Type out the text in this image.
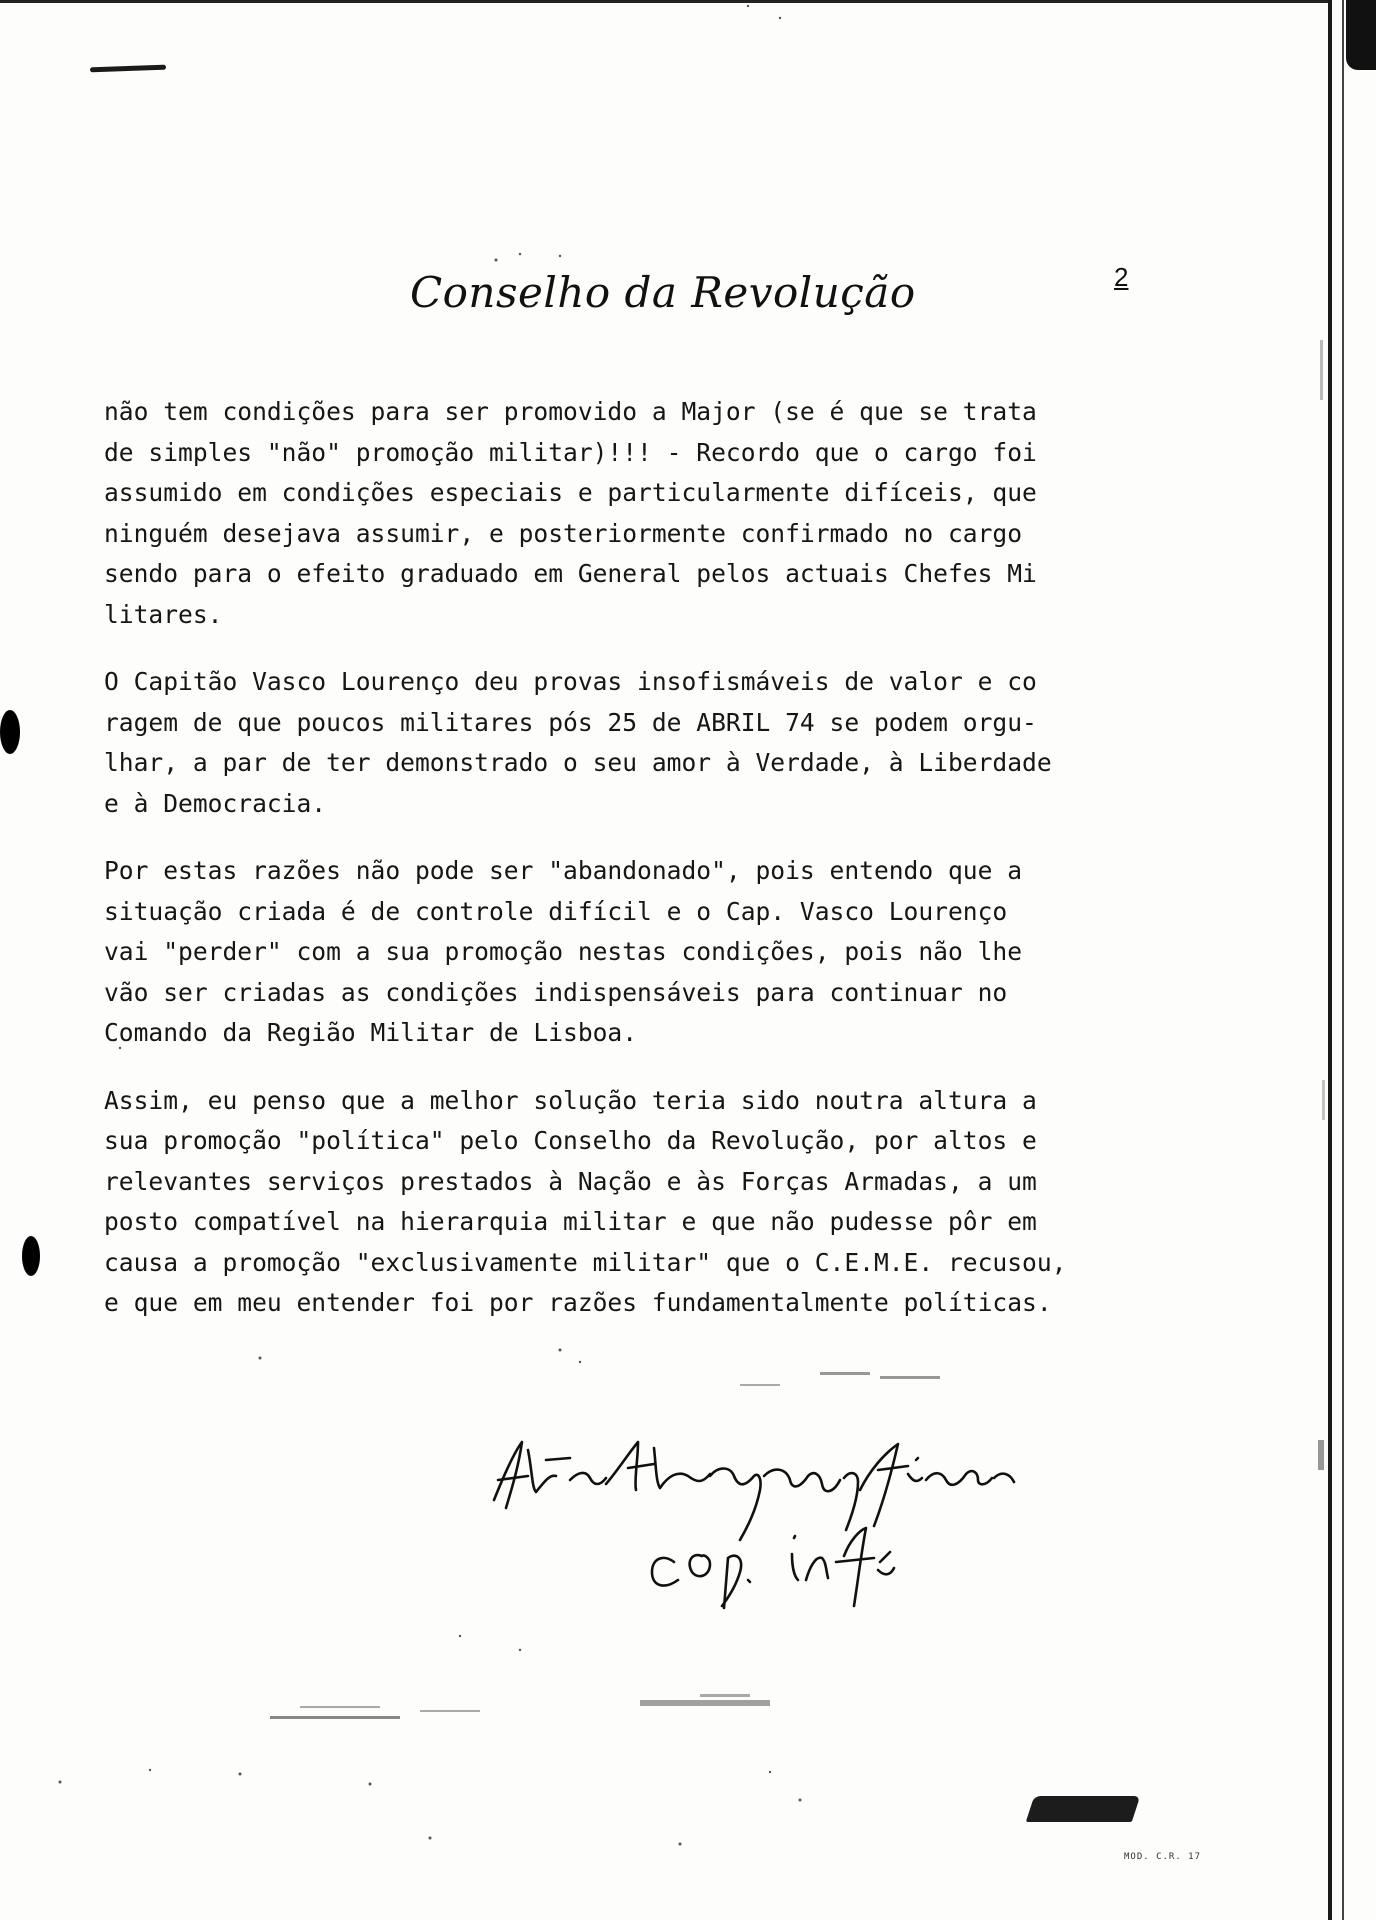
Conselho da Revolução	2

não tem condições para ser promovido a Major (se é que se trata
de simples "não" promoção militar)!!! - Recordo que o cargo foi
assumido em condições especiais e particularmente difíceis, que
ninguém desejava assumir, e posteriormente confirmado no cargo
sendo para o efeito graduado em General pelos actuais Chefes Mi
litares.

O Capitão Vasco Lourenço deu provas insofismáveis de valor e co
ragem de que poucos militares pós 25 de ABRIL 74 se podem orgu-
lhar, a par de ter demonstrado o seu amor à Verdade, à Liberdade
e à Democracia.

Por estas razões não pode ser "abandonado", pois entendo que a
situação criada é de controle difícil e o Cap. Vasco Lourenço
vai "perder" com a sua promoção nestas condições, pois não lhe
vão ser criadas as condições indispensáveis para continuar no
Comando da Região Militar de Lisboa.

Assim, eu penso que a melhor solução teria sido noutra altura a
sua promoção "política" pelo Conselho da Revolução, por altos e
relevantes serviços prestados à Nação e às Forças Armadas, a um
posto compatível na hierarquia militar e que não pudesse pôr em
causa a promoção "exclusivamente militar" que o C.E.M.E. recusou,
e que em meu entender foi por razões fundamentalmente políticas.

MOD. C.R. 17
